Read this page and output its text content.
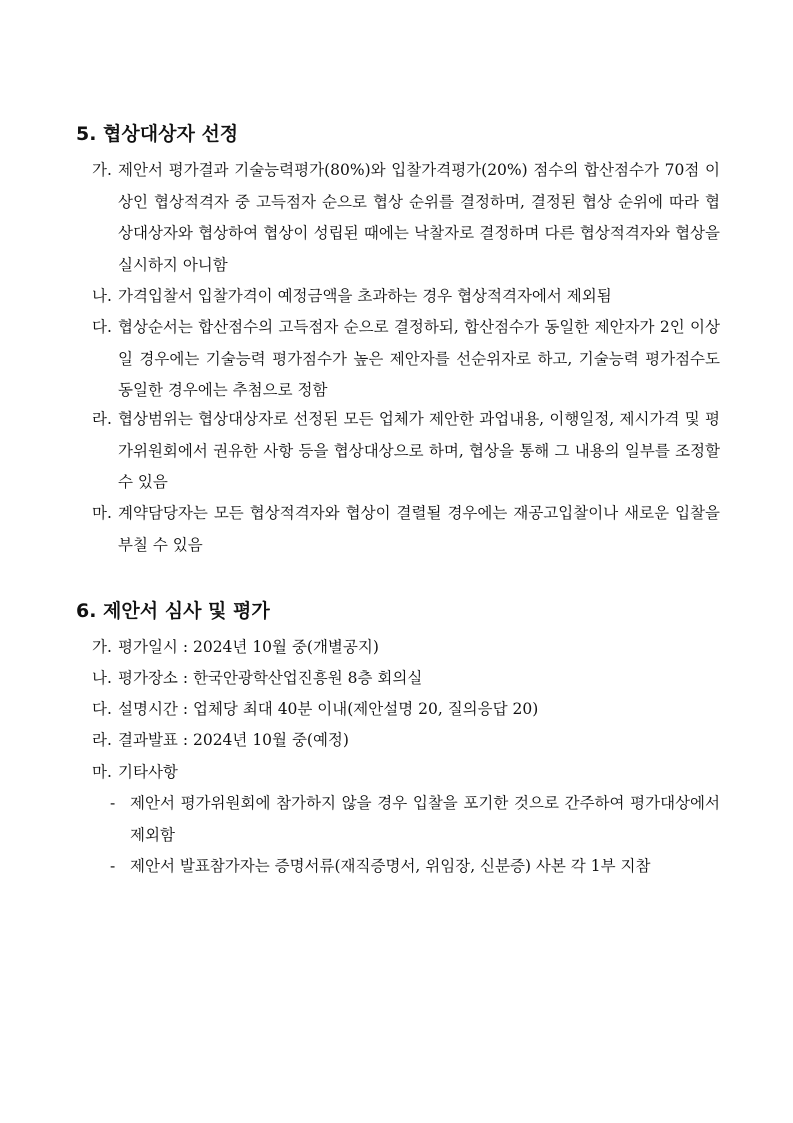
5. 협상대상자 선정
가. 제안서 평가결과 기술능력평가(80%)와 입찰가격평가(20%) 점수의 합산점수가 70점 이상인 협상적격자 중 고득점자 순으로 협상 순위를 결정하며, 결정된 협상 순위에 따라 협상대상자와 협상하여 협상이 성립된 때에는 낙찰자로 결정하며 다른 협상적격자와 협상을 실시하지 아니함
나. 가격입찰서 입찰가격이 예정금액을 초과하는 경우 협상적격자에서 제외됨
다. 협상순서는 합산점수의 고득점자 순으로 결정하되, 합산점수가 동일한 제안자가 2인 이상일 경우에는 기술능력 평가점수가 높은 제안자를 선순위자로 하고, 기술능력 평가점수도 동일한 경우에는 추첨으로 정함
라. 협상범위는 협상대상자로 선정된 모든 업체가 제안한 과업내용, 이행일정, 제시가격 및 평가위원회에서 권유한 사항 등을 협상대상으로 하며, 협상을 통해 그 내용의 일부를 조정할 수 있음
마. 계약담당자는 모든 협상적격자와 협상이 결렬될 경우에는 재공고입찰이나 새로운 입찰을 부칠 수 있음
6. 제안서 심사 및 평가
가. 평가일시 : 2024년 10월 중(개별공지)
나. 평가장소 : 한국안광학산업진흥원 8층 회의실
다. 설명시간 : 업체당 최대 40분 이내(제안설명 20, 질의응답 20)
라. 결과발표 : 2024년 10월 중(예정)
마. 기타사항
- 제안서 평가위원회에 참가하지 않을 경우 입찰을 포기한 것으로 간주하여 평가대상에서 제외함
- 제안서 발표참가자는 증명서류(재직증명서, 위임장, 신분증) 사본 각 1부 지참
